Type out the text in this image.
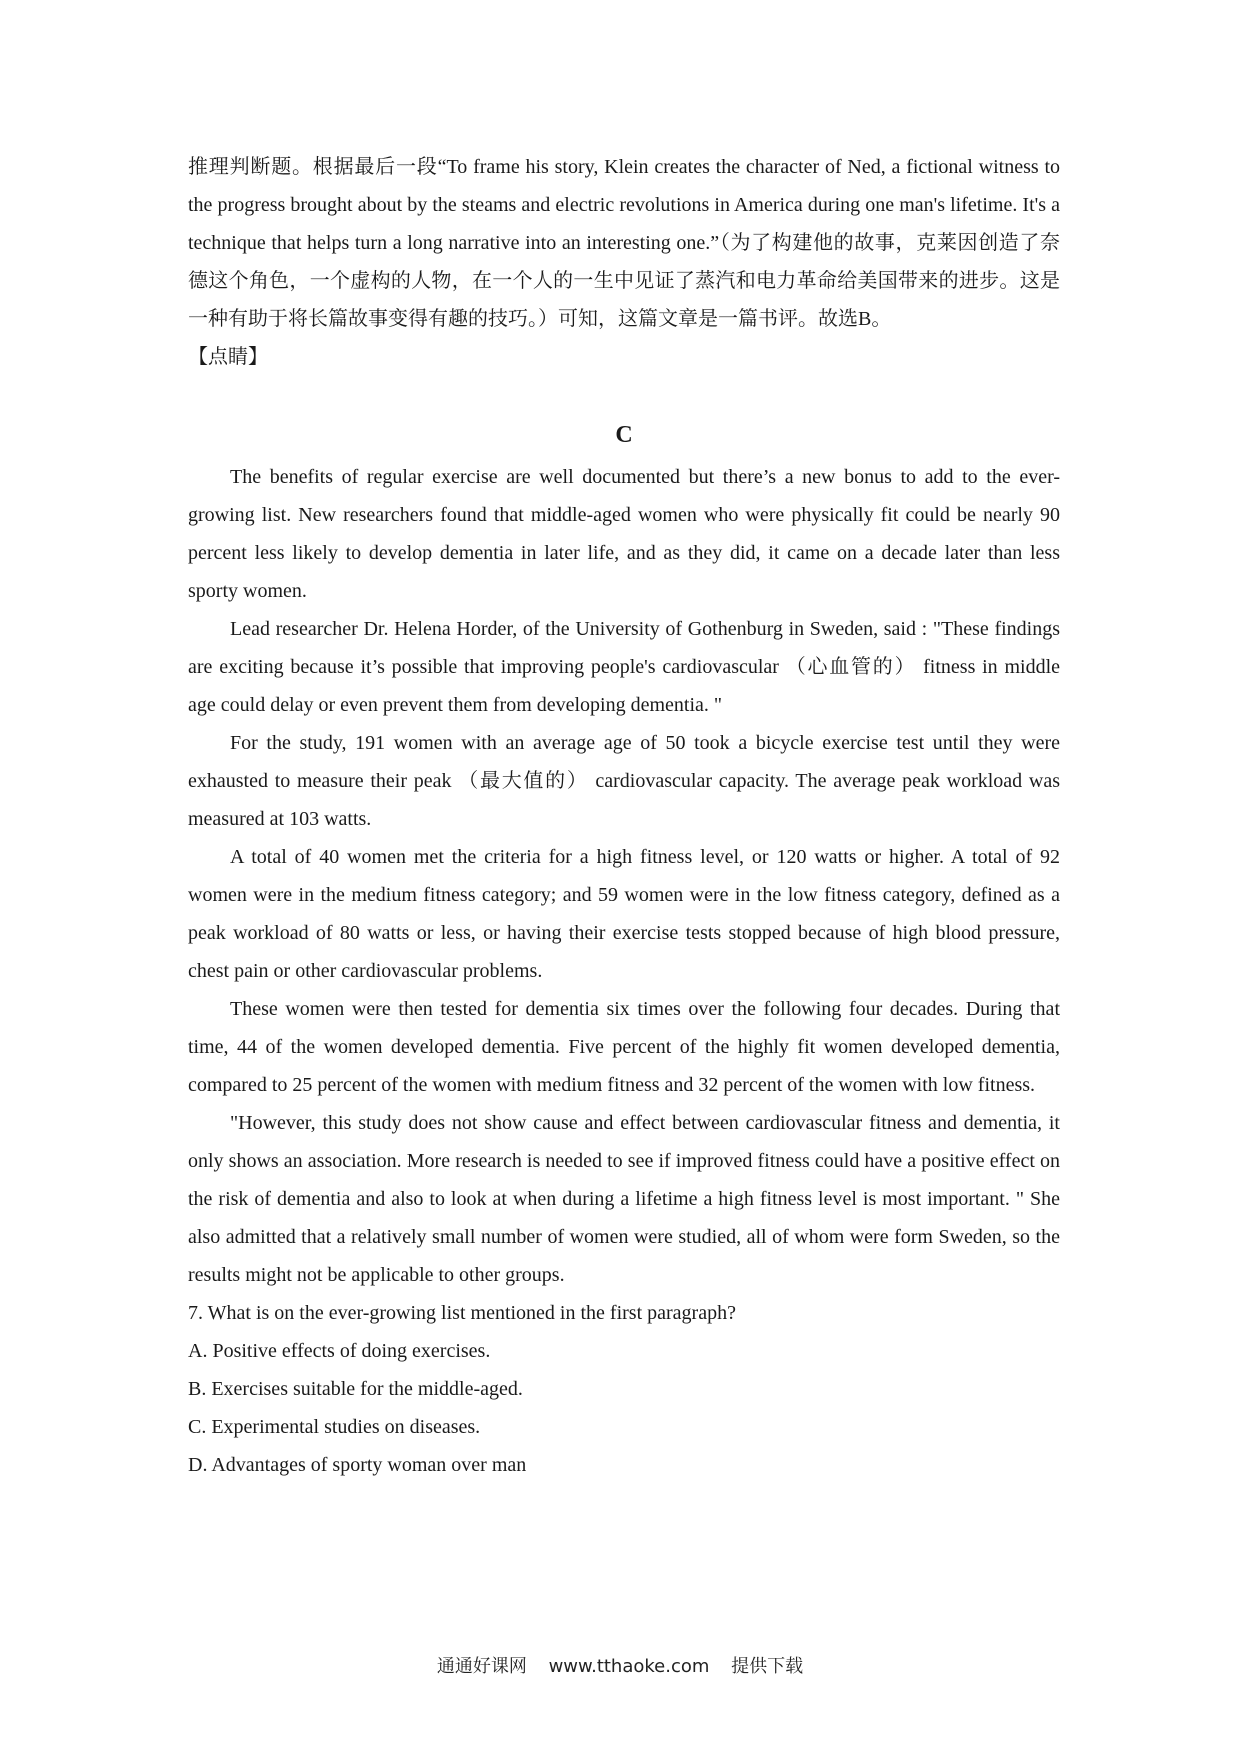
推理判断题。根据最后一段“To frame his story, Klein creates the character of Ned, a fictional witness to the progress brought about by the steams and electric revolutions in America during one man's lifetime. It's a technique that helps turn a long narrative into an interesting one.”（为了构建他的故事，克莱因创造了奈德这个角色，一个虚构的人物，在一个人的一生中见证了蒸汽和电力革命给美国带来的进步。这是一种有助于将长篇故事变得有趣的技巧。）可知，这篇文章是一篇书评。故选B。

【点睛】

C

The benefits of regular exercise are well documented but there’s a new bonus to add to the ever-growing list. New researchers found that middle-aged women who were physically fit could be nearly 90 percent less likely to develop dementia in later life, and as they did, it came on a decade later than less sporty women.

Lead researcher Dr. Helena Horder, of the University of Gothenburg in Sweden, said : "These findings are exciting because it’s possible that improving people's cardiovascular （心血管的） fitness in middle age could delay or even prevent them from developing dementia. "

For the study, 191 women with an average age of 50 took a bicycle exercise test until they were exhausted to measure their peak （最大值的） cardiovascular capacity. The average peak workload was measured at 103 watts.

A total of 40 women met the criteria for a high fitness level, or 120 watts or higher. A total of 92 women were in the medium fitness category; and 59 women were in the low fitness category, defined as a peak workload of 80 watts or less, or having their exercise tests stopped because of high blood pressure, chest pain or other cardiovascular problems.

These women were then tested for dementia six times over the following four decades. During that time, 44 of the women developed dementia. Five percent of the highly fit women developed dementia, compared to 25 percent of the women with medium fitness and 32 percent of the women with low fitness.

"However, this study does not show cause and effect between cardiovascular fitness and dementia, it only shows an association. More research is needed to see if improved fitness could have a positive effect on the risk of dementia and also to look at when during a lifetime a high fitness level is most important. " She also admitted that a relatively small number of women were studied, all of whom were form Sweden, so the results might not be applicable to other groups.

7. What is on the ever-growing list mentioned in the first paragraph?

A. Positive effects of doing exercises.

B. Exercises suitable for the middle-aged.

C. Experimental studies on diseases.

D. Advantages of sporty woman over man

通通好课网 www.tthaoke.com 提供下载
